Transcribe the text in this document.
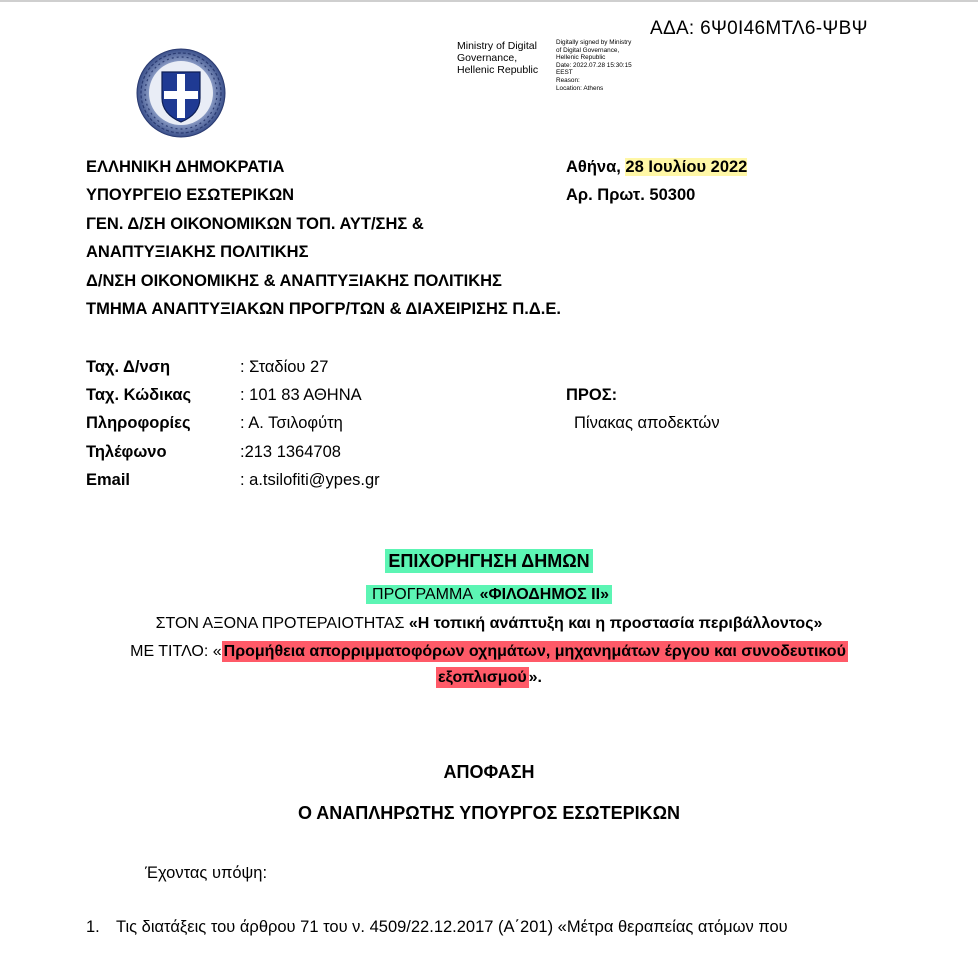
ΑΔΑ: 6Ψ0Ι46ΜΤΛ6-ΨΒΨ
Ministry of Digital
Governance,
Hellenic Republic
Digitally signed by Ministry
of Digital Governance,
Hellenic Republic
Date: 2022.07.28 15:30:15
EEST
Reason:
Location: Athens
ΕΛΛΗΝΙΚΗ ΔΗΜΟΚΡΑΤΙΑ
ΥΠΟΥΡΓΕΙΟ ΕΣΩΤΕΡΙΚΩΝ
ΓΕΝ. Δ/ΣΗ ΟΙΚΟΝΟΜΙΚΩΝ ΤΟΠ. ΑΥΤ/ΣΗΣ &
ΑΝΑΠΤΥΞΙΑΚΗΣ ΠΟΛΙΤΙΚΗΣ
Δ/ΝΣΗ ΟΙΚΟΝΟΜΙΚΗΣ & ΑΝΑΠΤΥΞΙΑΚΗΣ ΠΟΛΙΤΙΚΗΣ
ΤΜΗΜΑ ΑΝΑΠΤΥΞΙΑΚΩΝ ΠΡΟΓΡ/ΤΩΝ & ΔΙΑΧΕΙΡΙΣΗΣ Π.Δ.Ε.
Αθήνα, 28 Ιουλίου 2022
Αρ. Πρωτ. 50300
Ταχ. Δ/νση	: Σταδίου 27
Ταχ. Κώδικας	: 101 83 ΑΘΗΝΑ
Πληροφορίες	: Α. Τσιλοφύτη
Τηλέφωνο	:213 1364708
Email	: a.tsilofiti@ypes.gr
ΠΡΟΣ:
Πίνακας αποδεκτών
ΕΠΙΧΟΡΗΓΗΣΗ ΔΗΜΩΝ
ΠΡΟΓΡΑΜΜΑ «ΦΙΛΟΔΗΜΟΣ ΙΙ»
ΣΤΟΝ ΑΞΟΝΑ ΠΡΟΤΕΡΑΙΟΤΗΤΑΣ «Η τοπική ανάπτυξη και η προστασία περιβάλλοντος»
ΜΕ ΤΙΤΛΟ: « Προμήθεια απορριμματοφόρων οχημάτων, μηχανημάτων έργου και συνοδευτικού
εξοπλισμού ».
ΑΠΟΦΑΣΗ
Ο ΑΝΑΠΛΗΡΩΤΗΣ ΥΠΟΥΡΓΟΣ ΕΣΩΤΕΡΙΚΩΝ
Έχοντας υπόψη:
1. Τις διατάξεις του άρθρου 71 του ν. 4509/22.12.2017 (Α΄201) «Μέτρα θεραπείας ατόμων που
